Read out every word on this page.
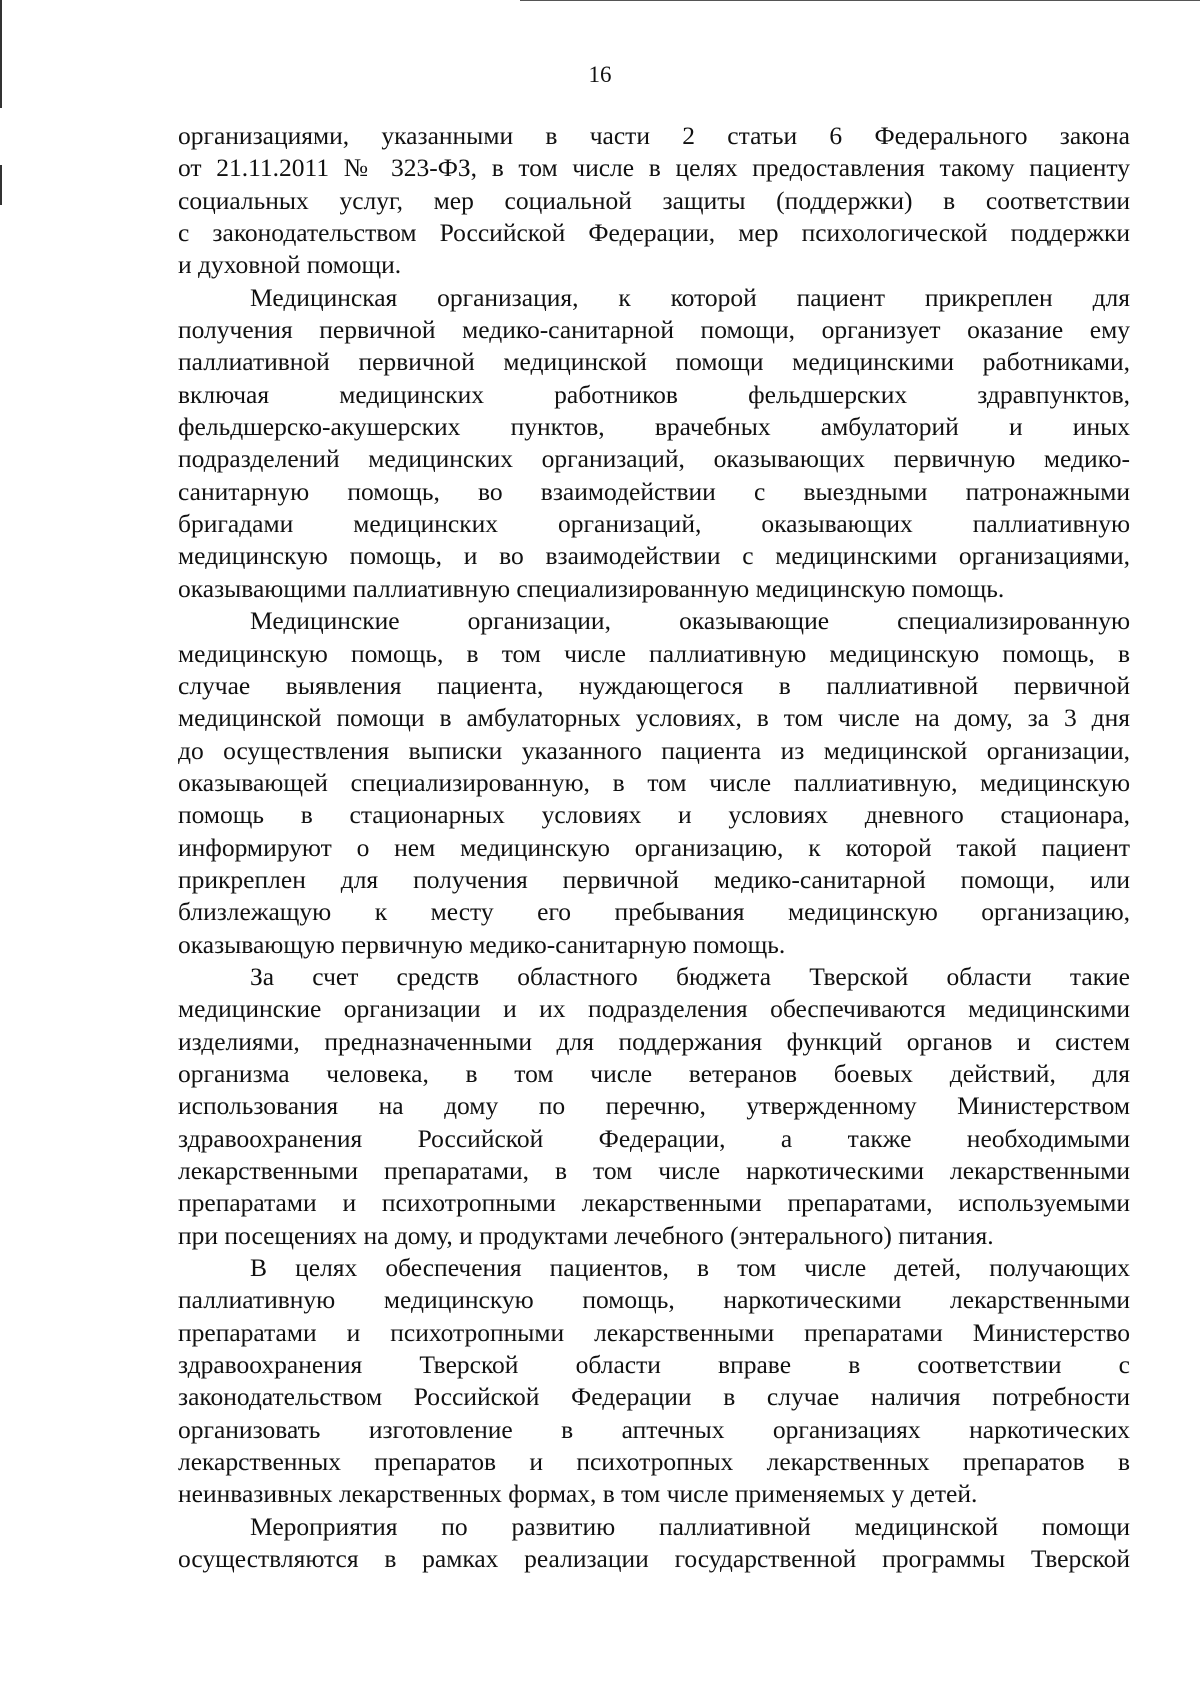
16

организациями, указанными в части 2 статьи 6 Федерального закона
от 21.11.2011 № 323-ФЗ, в том числе в целях предоставления такому пациенту
социальных услуг, мер социальной защиты (поддержки) в соответствии
с законодательством Российской Федерации, мер психологической поддержки
и духовной помощи.

Медицинская организация, к которой пациент прикреплен для
получения первичной медико-санитарной помощи, организует оказание ему
паллиативной первичной медицинской помощи медицинскими работниками,
включая медицинских работников фельдшерских здравпунктов,
фельдшерско-акушерских пунктов, врачебных амбулаторий и иных
подразделений медицинских организаций, оказывающих первичную медико-
санитарную помощь, во взаимодействии с выездными патронажными
бригадами медицинских организаций, оказывающих паллиативную
медицинскую помощь, и во взаимодействии с медицинскими организациями,
оказывающими паллиативную специализированную медицинскую помощь.

Медицинские организации, оказывающие специализированную
медицинскую помощь, в том числе паллиативную медицинскую помощь, в
случае выявления пациента, нуждающегося в паллиативной первичной
медицинской помощи в амбулаторных условиях, в том числе на дому, за 3 дня
до осуществления выписки указанного пациента из медицинской организации,
оказывающей специализированную, в том числе паллиативную, медицинскую
помощь в стационарных условиях и условиях дневного стационара,
информируют о нем медицинскую организацию, к которой такой пациент
прикреплен для получения первичной медико-санитарной помощи, или
близлежащую к месту его пребывания медицинскую организацию,
оказывающую первичную медико-санитарную помощь.

За счет средств областного бюджета Тверской области такие
медицинские организации и их подразделения обеспечиваются медицинскими
изделиями, предназначенными для поддержания функций органов и систем
организма человека, в том числе ветеранов боевых действий, для
использования на дому по перечню, утвержденному Министерством
здравоохранения Российской Федерации, а также необходимыми
лекарственными препаратами, в том числе наркотическими лекарственными
препаратами и психотропными лекарственными препаратами, используемыми
при посещениях на дому, и продуктами лечебного (энтерального) питания.

В целях обеспечения пациентов, в том числе детей, получающих
паллиативную медицинскую помощь, наркотическими лекарственными
препаратами и психотропными лекарственными препаратами Министерство
здравоохранения Тверской области вправе в соответствии с
законодательством Российской Федерации в случае наличия потребности
организовать изготовление в аптечных организациях наркотических
лекарственных препаратов и психотропных лекарственных препаратов в
неинвазивных лекарственных формах, в том числе применяемых у детей.

Мероприятия по развитию паллиативной медицинской помощи
осуществляются в рамках реализации государственной программы Тверской
